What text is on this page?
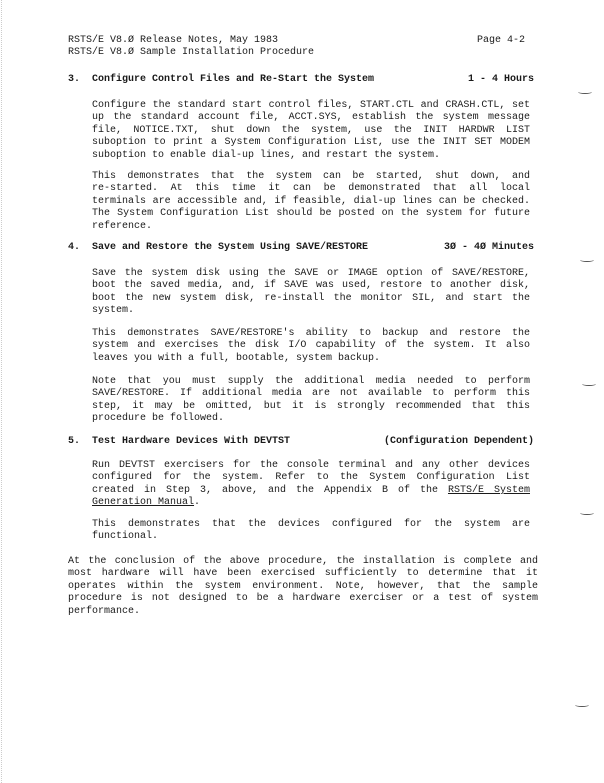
RSTS/E V8.Ø Release Notes, May 1983
RSTS/E V8.Ø Sample Installation Procedure
Page 4-2
3. Configure Control Files and Re-Start the System	1 - 4 Hours
Configure the standard start control files, START.CTL and CRASH.CTL, set
up the standard account file, ACCT.SYS, establish the system message
file, NOTICE.TXT, shut down the system, use the INIT HARDWR LIST
suboption to print a System Configuration List, use the INIT SET MODEM
suboption to enable dial-up lines, and restart the system.
This demonstrates that the system can be started, shut down, and
re-started. At this time it can be demonstrated that all local
terminals are accessible and, if feasible, dial-up lines can be checked.
The System Configuration List should be posted on the system for future
reference.
4. Save and Restore the System Using SAVE/RESTORE	3Ø - 4Ø Minutes
Save the system disk using the SAVE or IMAGE option of SAVE/RESTORE,
boot the saved media, and, if SAVE was used, restore to another disk,
boot the new system disk, re-install the monitor SIL, and start the
system.
This demonstrates SAVE/RESTORE's ability to backup and restore the
system and exercises the disk I/O capability of the system. It also
leaves you with a full, bootable, system backup.
Note that you must supply the additional media needed to perform
SAVE/RESTORE. If additional media are not available to perform this
step, it may be omitted, but it is strongly recommended that this
procedure be followed.
5. Test Hardware Devices With DEVTST	(Configuration Dependent)
Run DEVTST exercisers for the console terminal and any other devices
configured for the system. Refer to the System Configuration List
created in Step 3, above, and the Appendix B of the RSTS/E System
Generation Manual.
This demonstrates that the devices configured for the system are
functional.
At the conclusion of the above procedure, the installation is complete and
most hardware will have been exercised sufficiently to determine that it
operates within the system environment. Note, however, that the sample
procedure is not designed to be a hardware exerciser or a test of system
performance.
